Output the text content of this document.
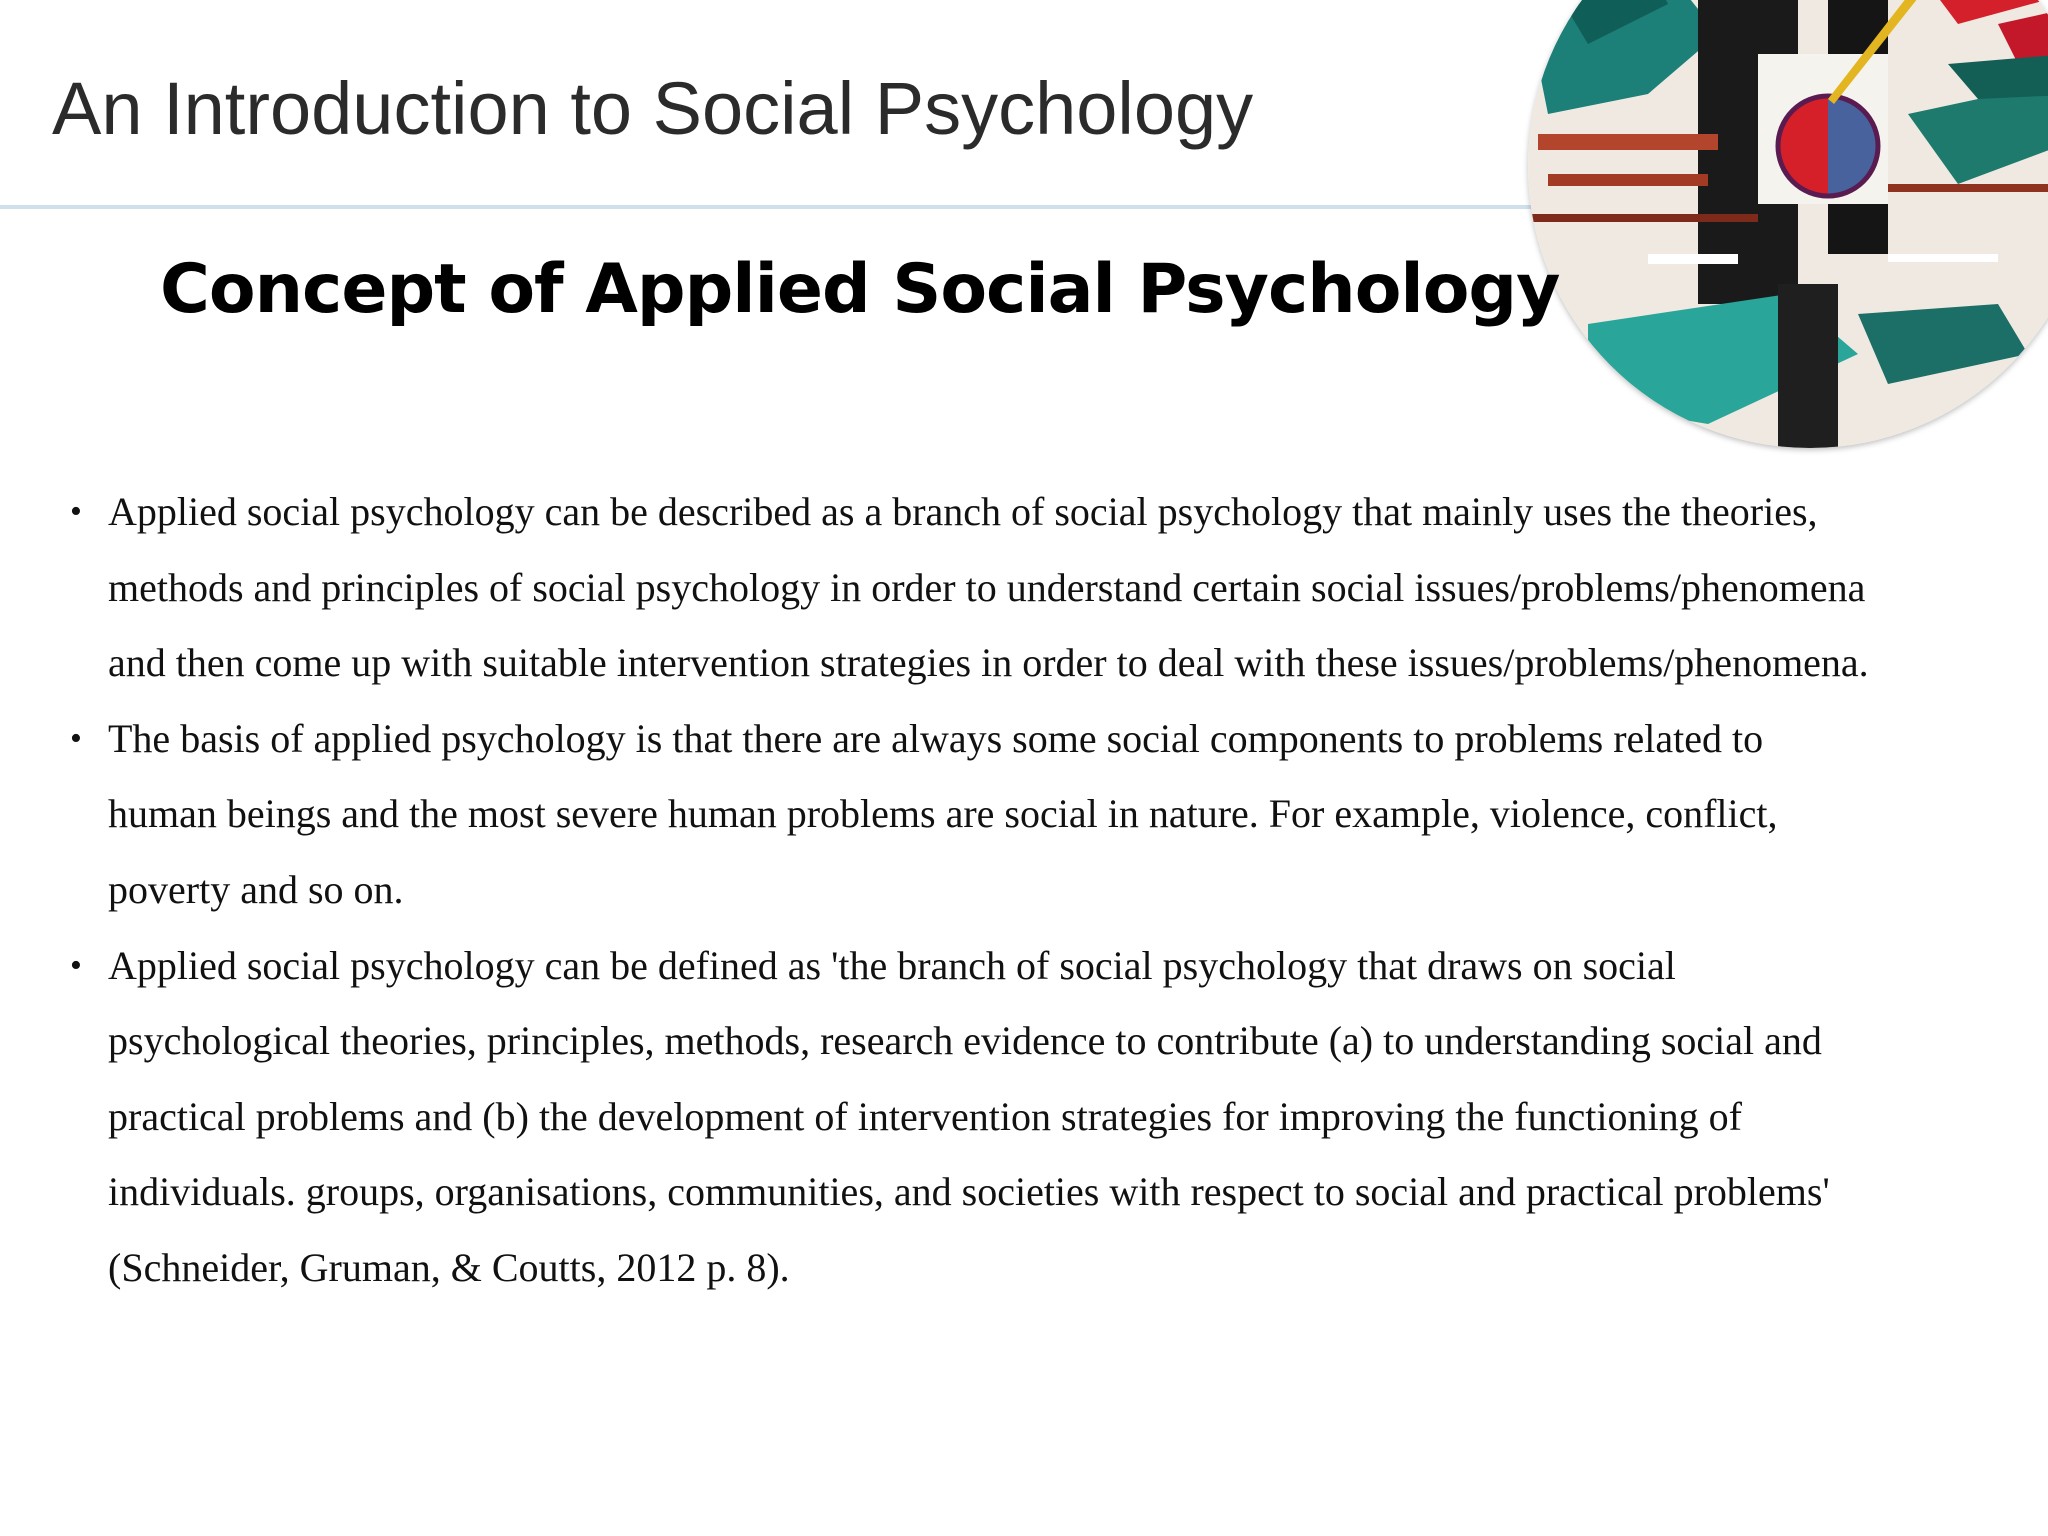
An Introduction to Social Psychology
Concept of Applied Social Psychology
• Applied social psychology can be described as a branch of social psychology that mainly uses the theories,
methods and principles of social psychology in order to understand certain social issues/problems/phenomena
and then come up with suitable intervention strategies in order to deal with these issues/problems/phenomena.
• The basis of applied psychology is that there are always some social components to problems related to
human beings and the most severe human problems are social in nature. For example, violence, conflict,
poverty and so on.
• Applied social psychology can be defined as 'the branch of social psychology that draws on social
psychological theories, principles, methods, research evidence to contribute (a) to understanding social and
practical problems and (b) the development of intervention strategies for improving the functioning of
individuals. groups, organisations, communities, and societies with respect to social and practical problems'
(Schneider, Gruman, & Coutts, 2012 p. 8).
